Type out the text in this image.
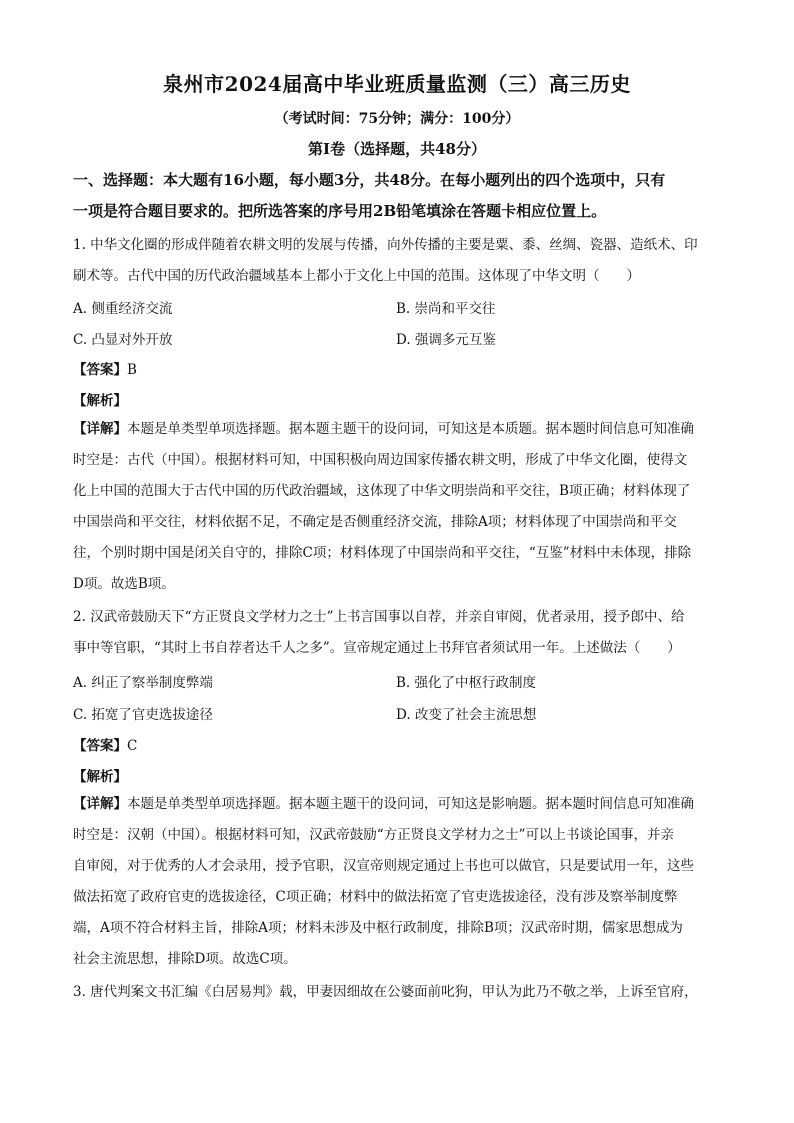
泉州市2024届高中毕业班质量监测（三）高三历史
（考试时间：75分钟；满分：100分）
第Ⅰ卷（选择题，共48分）
一、选择题：本大题有16小题，每小题3分，共48分。在每小题列出的四个选项中，只有
一项是符合题目要求的。把所选答案的序号用2B铅笔填涂在答题卡相应位置上。
1. 中华文化圈的形成伴随着农耕文明的发展与传播，向外传播的主要是粟、黍、丝绸、瓷器、造纸术、印
刷术等。古代中国的历代政治疆域基本上都小于文化上中国的范围。这体现了中华文明（　　）
A. 侧重经济交流	B. 崇尚和平交往
C. 凸显对外开放	D. 强调多元互鉴
【答案】B
【解析】
【详解】本题是单类型单项选择题。据本题主题干的设问词，可知这是本质题。据本题时间信息可知准确
时空是：古代（中国）。根据材料可知，中国积极向周边国家传播农耕文明，形成了中华文化圈，使得文
化上中国的范围大于古代中国的历代政治疆域，这体现了中华文明崇尚和平交往，B项正确；材料体现了
中国崇尚和平交往，材料依据不足，不确定是否侧重经济交流，排除A项；材料体现了中国崇尚和平交
往，个别时期中国是闭关自守的，排除C项；材料体现了中国崇尚和平交往，“互鉴”材料中未体现，排除
D项。故选B项。
2. 汉武帝鼓励天下“方正贤良文学材力之士”上书言国事以自荐，并亲自审阅，优者录用，授予郎中、给
事中等官职，“其时上书自荐者达千人之多”。宣帝规定通过上书拜官者须试用一年。上述做法（　　）
A. 纠正了察举制度弊端	B. 强化了中枢行政制度
C. 拓宽了官吏选拔途径	D. 改变了社会主流思想
【答案】C
【解析】
【详解】本题是单类型单项选择题。据本题主题干的设问词，可知这是影响题。据本题时间信息可知准确
时空是：汉朝（中国）。根据材料可知，汉武帝鼓励“方正贤良文学材力之士”可以上书谈论国事，并亲
自审阅，对于优秀的人才会录用，授予官职，汉宣帝则规定通过上书也可以做官，只是要试用一年，这些
做法拓宽了政府官吏的选拔途径，C项正确；材料中的做法拓宽了官吏选拔途径，没有涉及察举制度弊
端，A项不符合材料主旨，排除A项；材料未涉及中枢行政制度，排除B项；汉武帝时期，儒家思想成为
社会主流思想，排除D项。故选C项。
3. 唐代判案文书汇编《白居易判》载，甲妻因细故在公婆面前叱狗，甲认为此乃不敬之举，上诉至官府，
